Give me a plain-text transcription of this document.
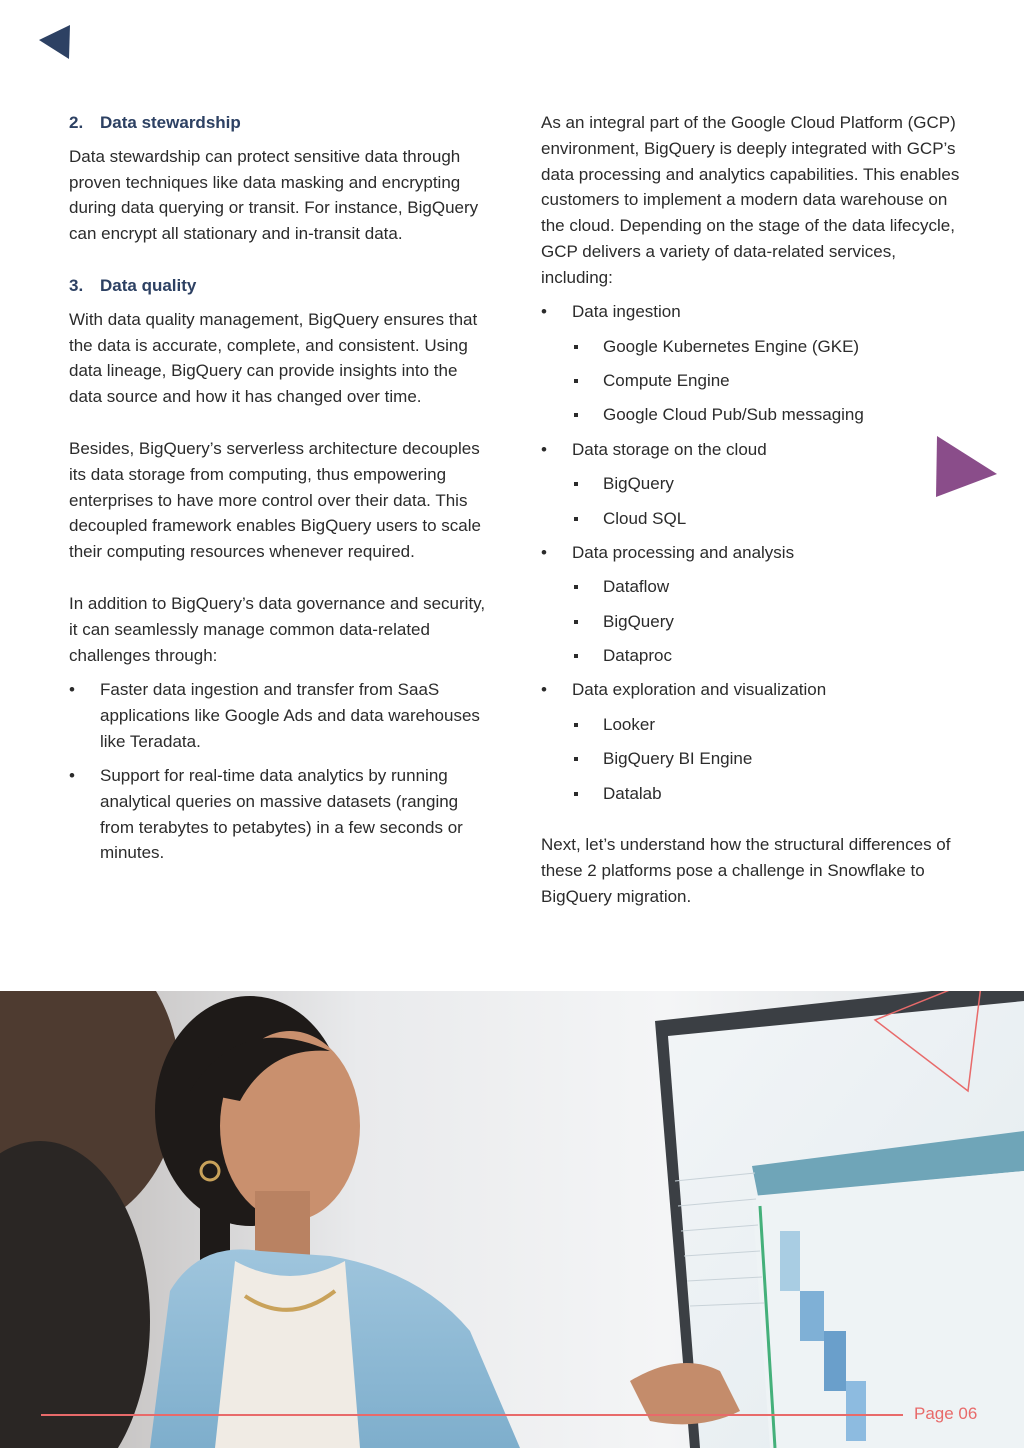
2. Data stewardship

Data stewardship can protect sensitive data through proven techniques like data masking and encrypting during data querying or transit. For instance, BigQuery can encrypt all stationary and in-transit data.

3. Data quality

With data quality management, BigQuery ensures that the data is accurate, complete, and consistent. Using data lineage, BigQuery can provide insights into the data source and how it has changed over time.

Besides, BigQuery’s serverless architecture decouples its data storage from computing, thus empowering enterprises to have more control over their data. This decoupled framework enables BigQuery users to scale their computing resources whenever required.

In addition to BigQuery’s data governance and security, it can seamlessly manage common data-related challenges through:

• Faster data ingestion and transfer from SaaS applications like Google Ads and data warehouses like Teradata.
• Support for real-time data analytics by running analytical queries on massive datasets (ranging from terabytes to petabytes) in a few seconds or minutes.

As an integral part of the Google Cloud Platform (GCP) environment, BigQuery is deeply integrated with GCP’s data processing and analytics capabilities. This enables customers to implement a modern data warehouse on the cloud. Depending on the stage of the data lifecycle, GCP delivers a variety of data-related services, including:

• Data ingestion
Google Kubernetes Engine (GKE)
Compute Engine
Google Cloud Pub/Sub messaging
• Data storage on the cloud
BigQuery
Cloud SQL
• Data processing and analysis
Dataflow
BigQuery
Dataproc
• Data exploration and visualization
Looker
BigQuery BI Engine
Datalab

Next, let’s understand how the structural differences of these 2 platforms pose a challenge in Snowflake to BigQuery migration.

Page 06
